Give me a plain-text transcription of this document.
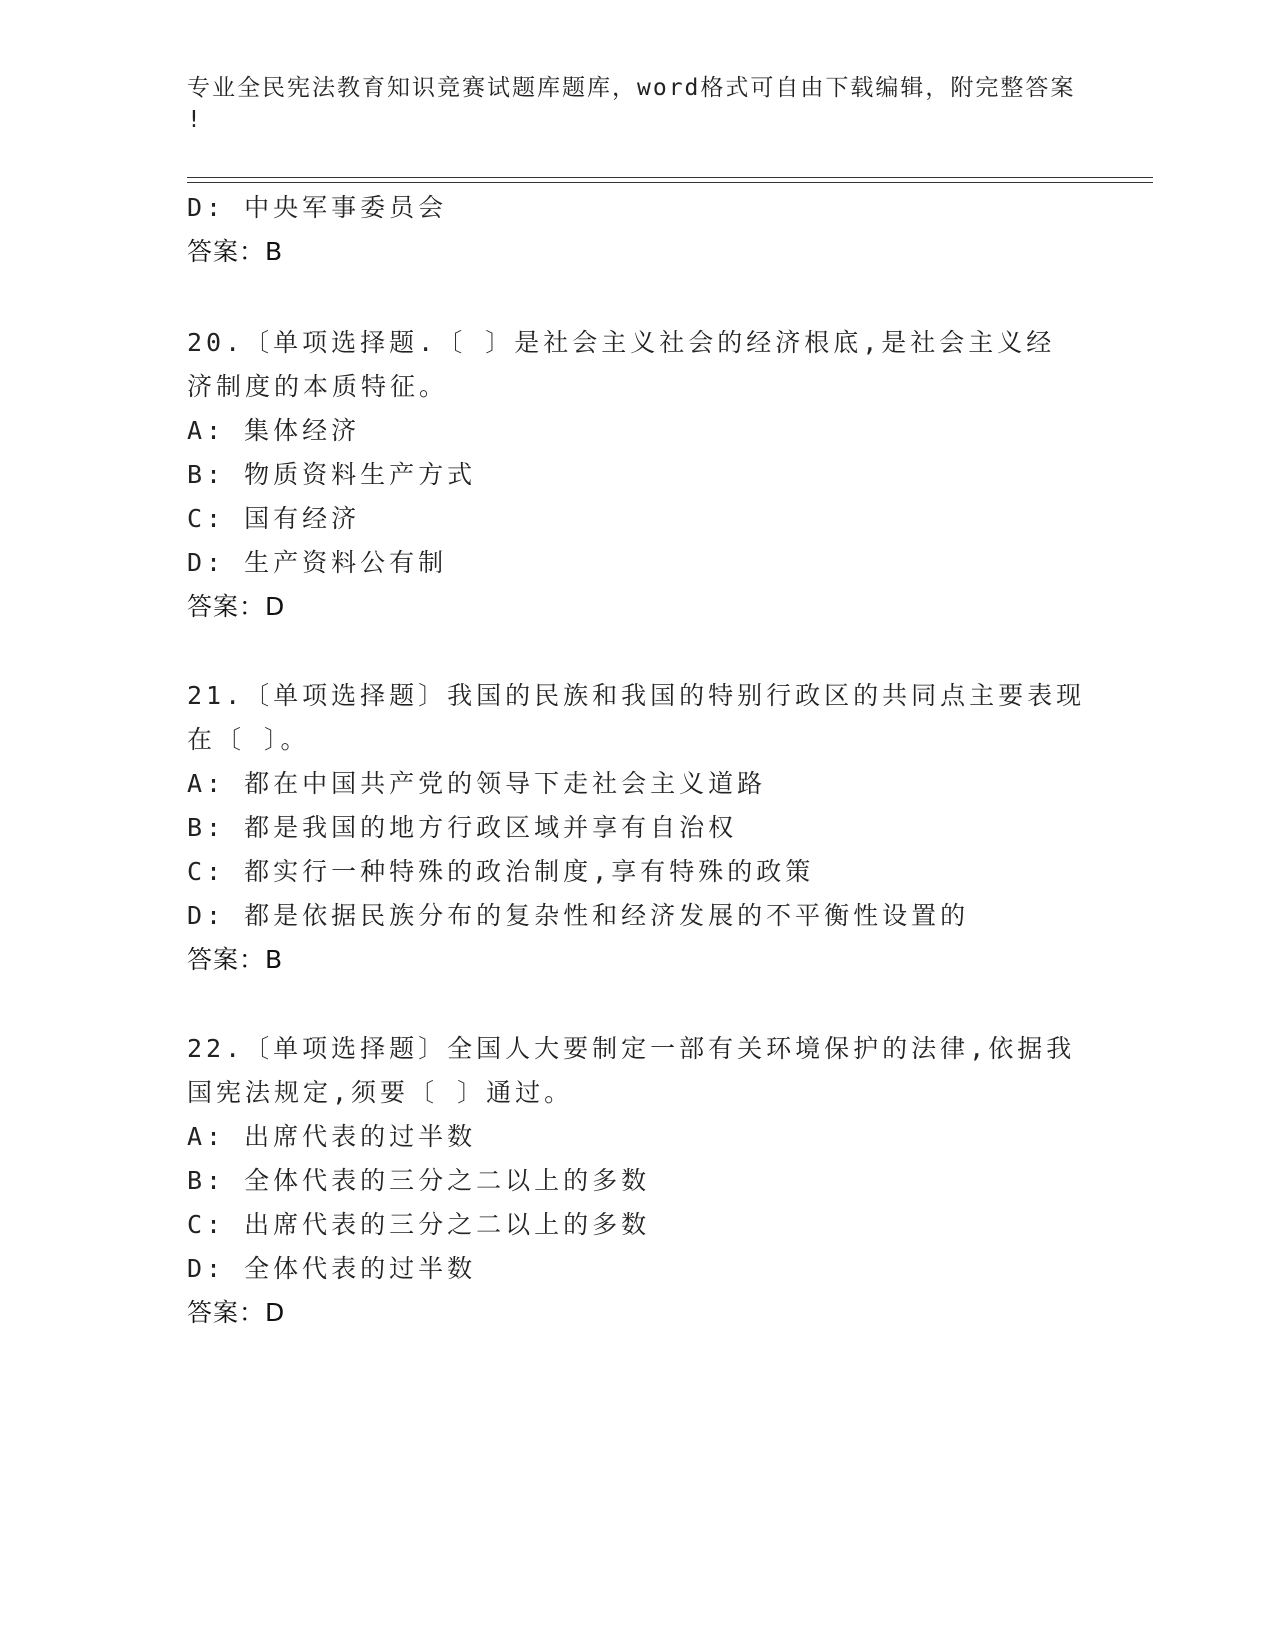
专业全民宪法教育知识竞赛试题库题库，word格式可自由下载编辑，附完整答案
!
D: 中央军事委员会
答案：B
20.〔单项选择题.〔 〕是社会主义社会的经济根底,是社会主义经
济制度的本质特征。
A: 集体经济
B: 物质资料生产方式
C: 国有经济
D: 生产资料公有制
答案：D
21.〔单项选择题〕我国的民族和我国的特别行政区的共同点主要表现
在〔 〕。
A: 都在中国共产党的领导下走社会主义道路
B: 都是我国的地方行政区域并享有自治权
C: 都实行一种特殊的政治制度,享有特殊的政策
D: 都是依据民族分布的复杂性和经济发展的不平衡性设置的
答案：B
22.〔单项选择题〕全国人大要制定一部有关环境保护的法律,依据我
国宪法规定,须要〔 〕通过。
A: 出席代表的过半数
B: 全体代表的三分之二以上的多数
C: 出席代表的三分之二以上的多数
D: 全体代表的过半数
答案：D
